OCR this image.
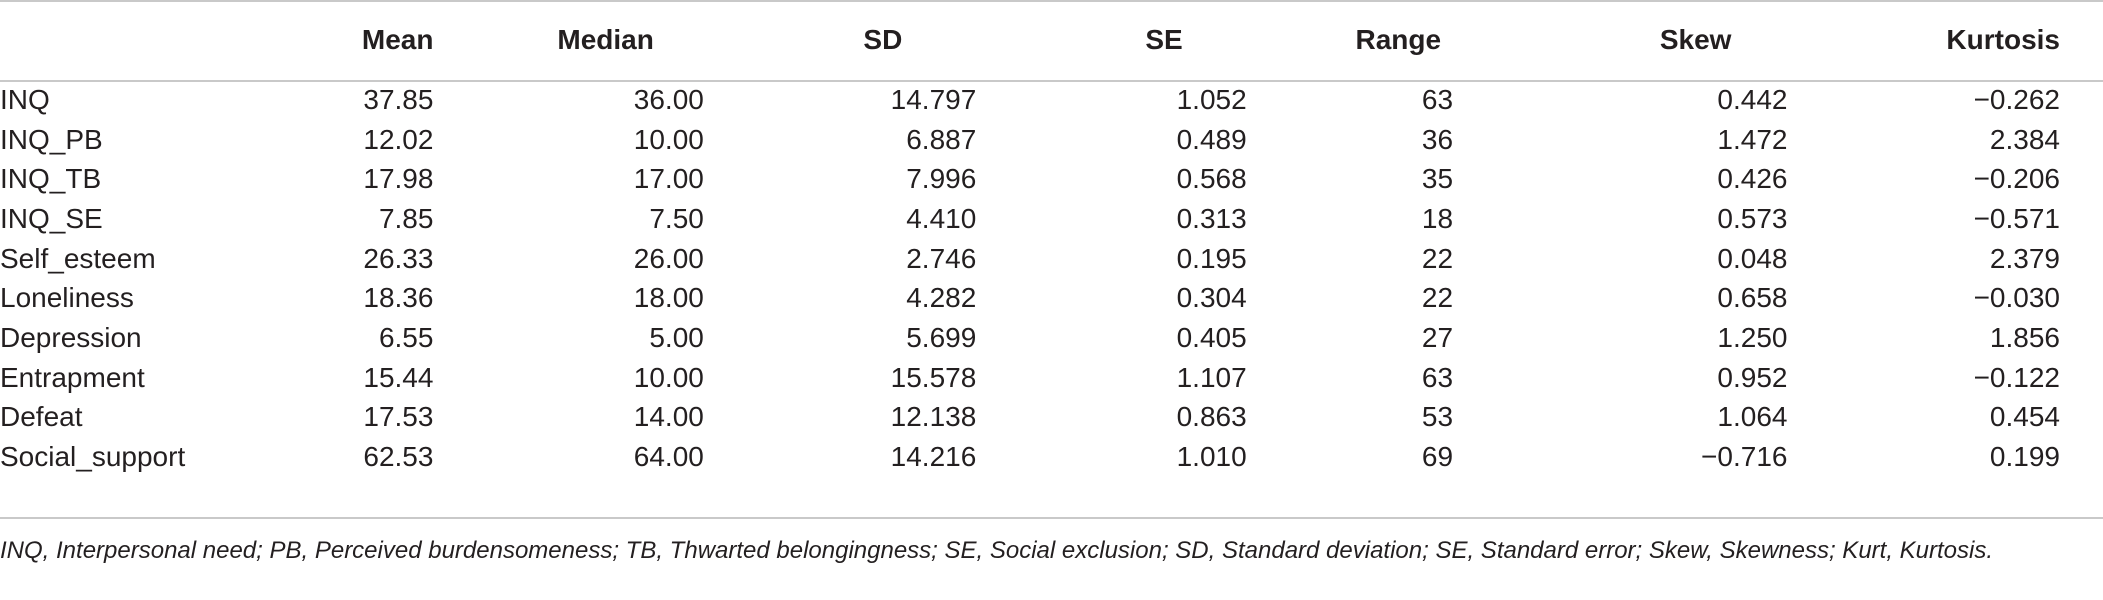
	Mean	Median	SD	SE	Range	Skew	Kurtosis
INQ	37.85	36.00	14.797	1.052	63	0.442	−0.262
INQ_PB	12.02	10.00	6.887	0.489	36	1.472	2.384
INQ_TB	17.98	17.00	7.996	0.568	35	0.426	−0.206
INQ_SE	7.85	7.50	4.410	0.313	18	0.573	−0.571
Self_esteem	26.33	26.00	2.746	0.195	22	0.048	2.379
Loneliness	18.36	18.00	4.282	0.304	22	0.658	−0.030
Depression	6.55	5.00	5.699	0.405	27	1.250	1.856
Entrapment	15.44	10.00	15.578	1.107	63	0.952	−0.122
Defeat	17.53	14.00	12.138	0.863	53	1.064	0.454
Social_support	62.53	64.00	14.216	1.010	69	−0.716	0.199
INQ, Interpersonal need; PB, Perceived burdensomeness; TB, Thwarted belongingness; SE, Social exclusion; SD, Standard deviation; SE, Standard error; Skew, Skewness; Kurt, Kurtosis.
